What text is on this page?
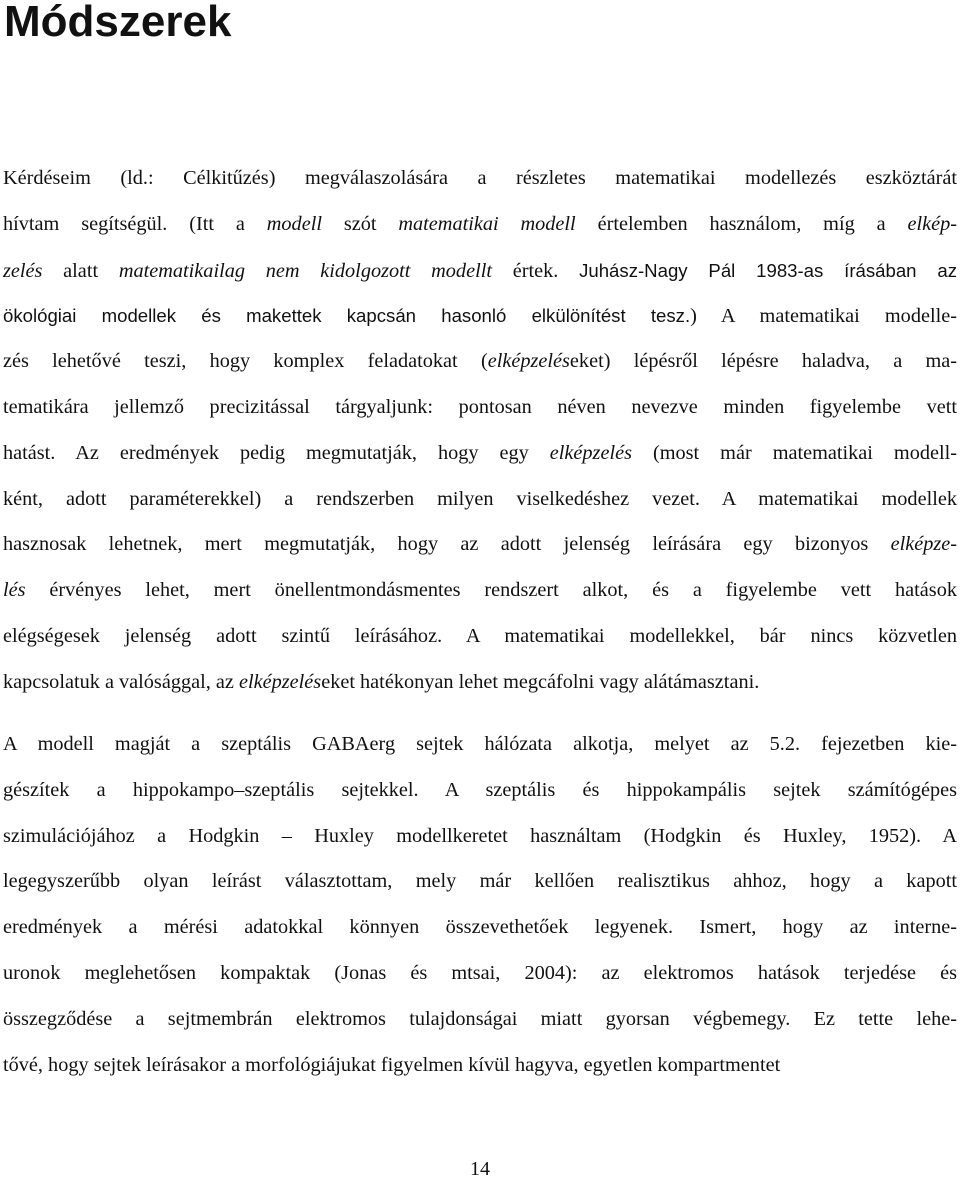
Módszerek
Kérdéseim (ld.: Célkitűzés) megválaszolására a részletes matematikai modellezés eszköztárát
hívtam segítségül. (Itt a modell szót matematikai modell értelemben használom, míg a elkép-
zelés alatt matematikailag nem kidolgozott modellt értek. Juhász-Nagy Pál 1983-as írásában az
ökológiai modellek és makettek kapcsán hasonló elkülönítést tesz.) A matematikai modelle-
zés lehetővé teszi, hogy komplex feladatokat (elképzeléseket) lépésről lépésre haladva, a ma-
tematikára jellemző precizitással tárgyaljunk: pontosan néven nevezve minden figyelembe vett
hatást. Az eredmények pedig megmutatják, hogy egy elképzelés (most már matematikai modell-
ként, adott paraméterekkel) a rendszerben milyen viselkedéshez vezet. A matematikai modellek
hasznosak lehetnek, mert megmutatják, hogy az adott jelenség leírására egy bizonyos elképze-
lés érvényes lehet, mert önellentmondásmentes rendszert alkot, és a figyelembe vett hatások
elégségesek jelenség adott szintű leírásához. A matematikai modellekkel, bár nincs közvetlen
kapcsolatuk a valósággal, az elképzeléseket hatékonyan lehet megcáfolni vagy alátámasztani.
A modell magját a szeptális GABAerg sejtek hálózata alkotja, melyet az 5.2. fejezetben kie-
gészítek a hippokampo–szeptális sejtekkel. A szeptális és hippokampális sejtek számítógépes
szimulációjához a Hodgkin – Huxley modellkeretet használtam (Hodgkin és Huxley, 1952). A
legegyszerűbb olyan leírást választottam, mely már kellően realisztikus ahhoz, hogy a kapott
eredmények a mérési adatokkal könnyen összevethetőek legyenek. Ismert, hogy az interne-
uronok meglehetősen kompaktak (Jonas és mtsai, 2004): az elektromos hatások terjedése és
összegződése a sejtmembrán elektromos tulajdonságai miatt gyorsan végbemegy. Ez tette lehe-
tővé, hogy sejtek leírásakor a morfológiájukat figyelmen kívül hagyva, egyetlen kompartmentet
14
